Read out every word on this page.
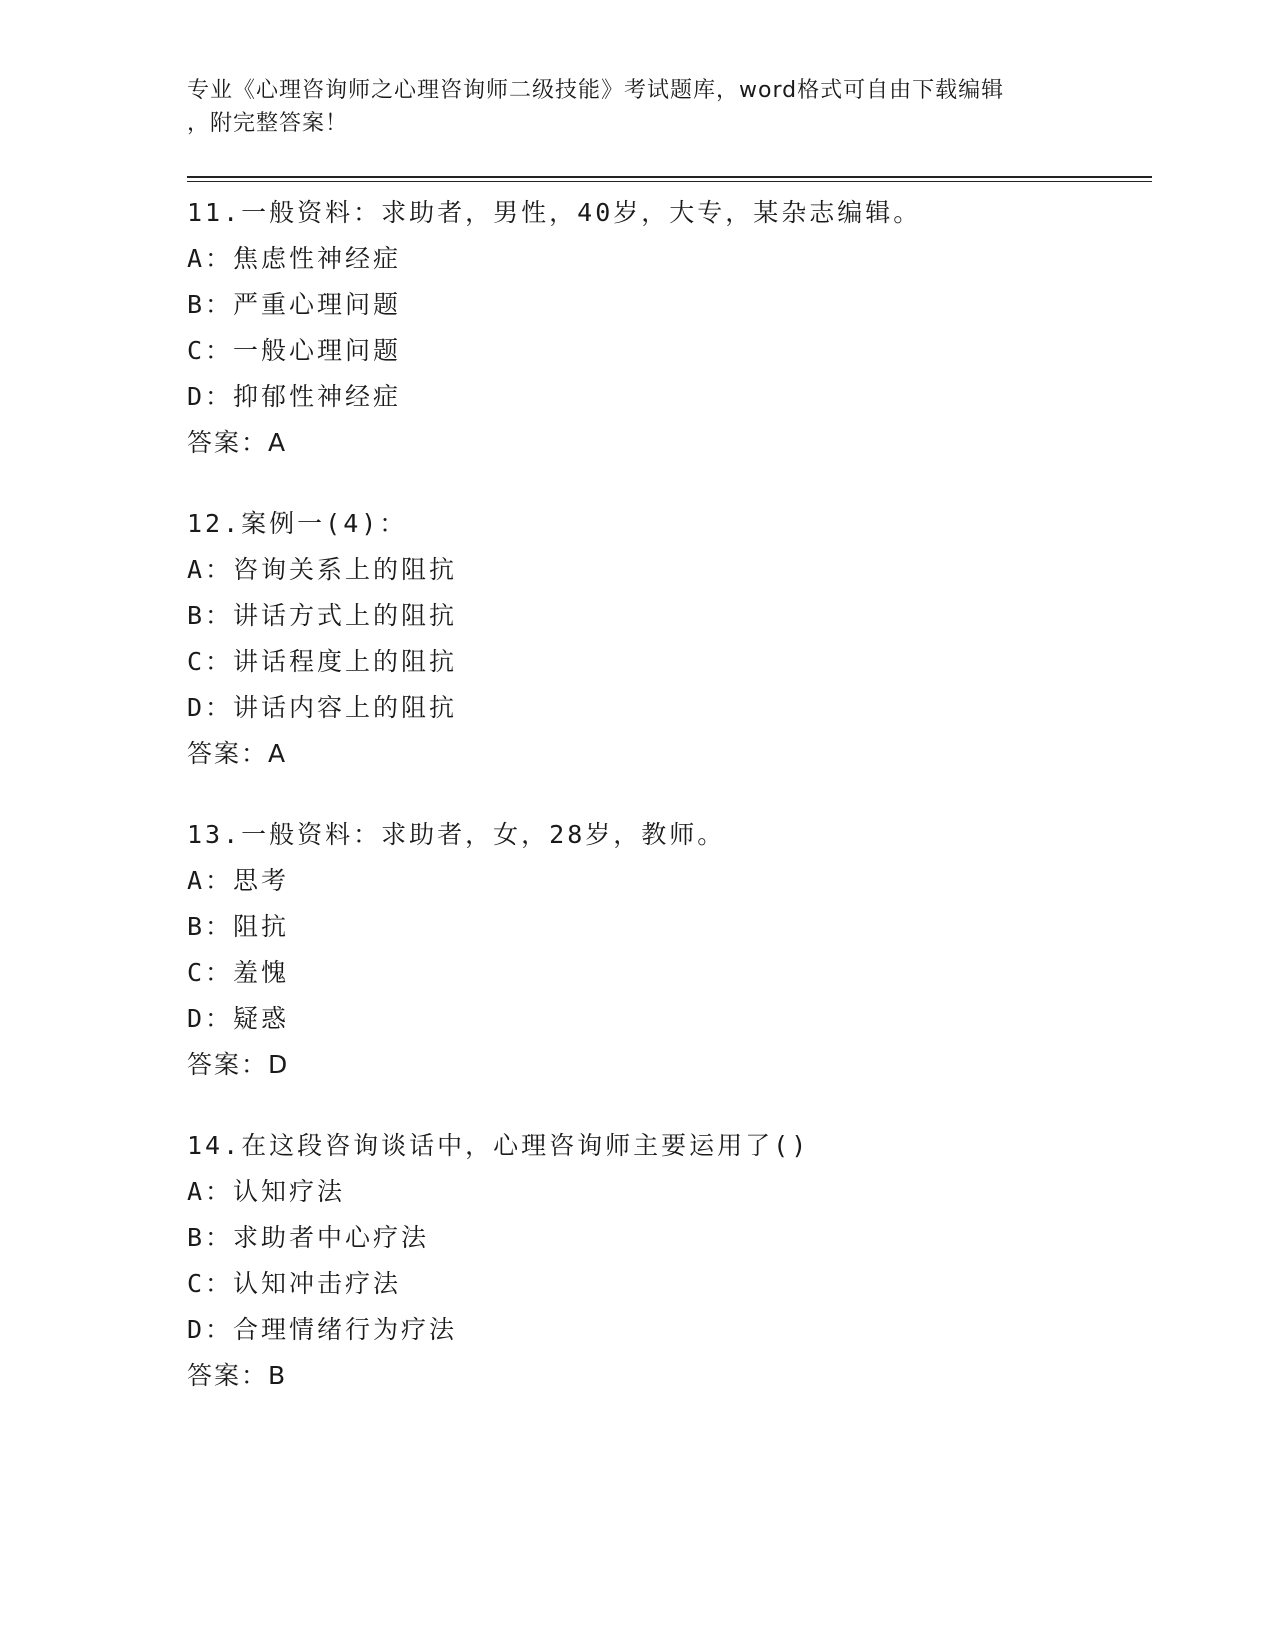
专业《心理咨询师之心理咨询师二级技能》考试题库，word格式可自由下载编辑
，附完整答案！
11.一般资料：求助者，男性，40岁，大专，某杂志编辑。
A：焦虑性神经症
B：严重心理问题
C：一般心理问题
D：抑郁性神经症
答案：A
12.案例一(4)：
A：咨询关系上的阻抗
B：讲话方式上的阻抗
C：讲话程度上的阻抗
D：讲话内容上的阻抗
答案：A
13.一般资料：求助者，女，28岁，教师。
A：思考
B：阻抗
C：羞愧
D：疑惑
答案：D
14.在这段咨询谈话中，心理咨询师主要运用了()
A：认知疗法
B：求助者中心疗法
C：认知冲击疗法
D：合理情绪行为疗法
答案：B
